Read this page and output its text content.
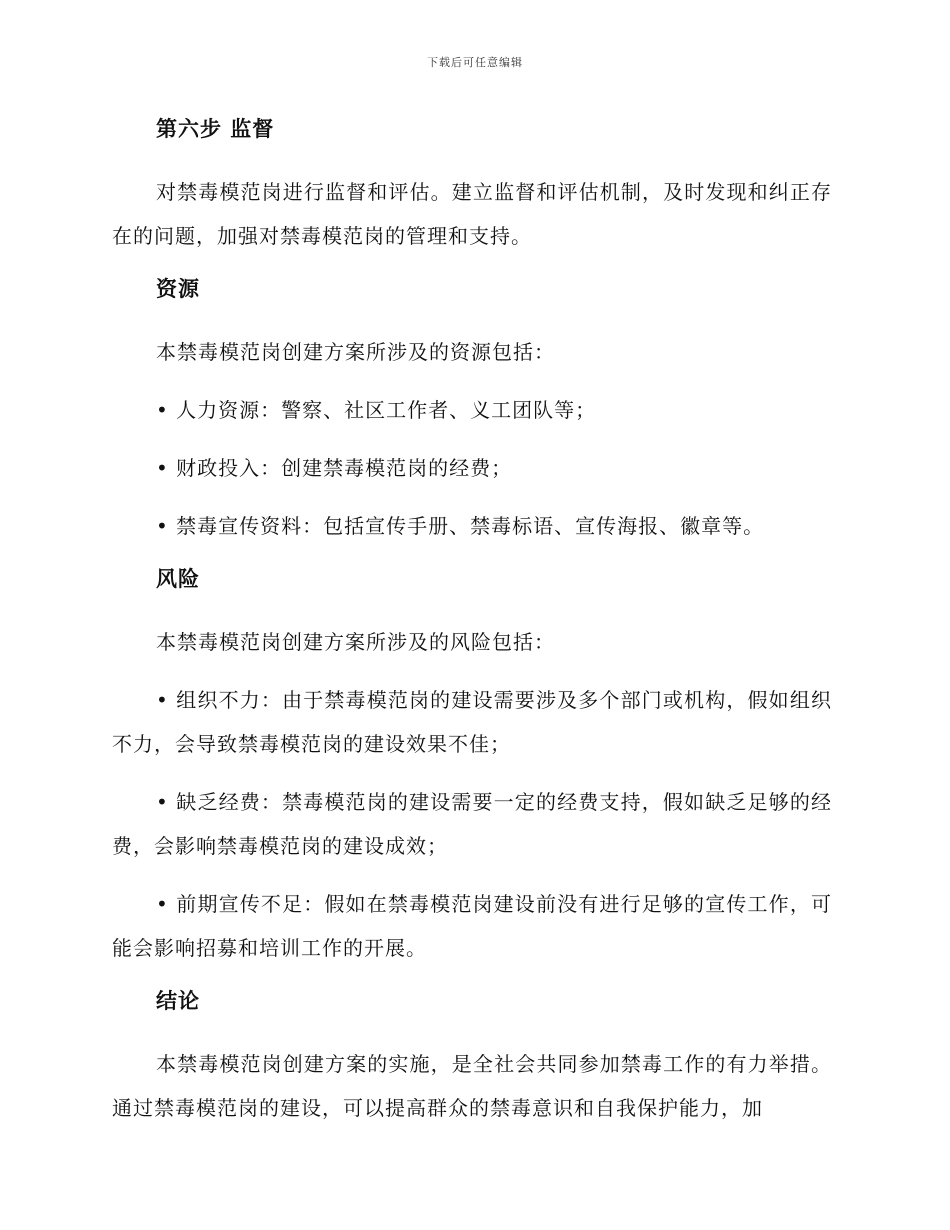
下载后可任意编辑
第六步 监督

对禁毒模范岗进行监督和评估。建立监督和评估机制，及时发现和纠正存在的问题，加强对禁毒模范岗的管理和支持。

资源

本禁毒模范岗创建方案所涉及的资源包括：

• 人力资源：警察、社区工作者、义工团队等；

• 财政投入：创建禁毒模范岗的经费；

• 禁毒宣传资料：包括宣传手册、禁毒标语、宣传海报、徽章等。

风险

本禁毒模范岗创建方案所涉及的风险包括：

• 组织不力：由于禁毒模范岗的建设需要涉及多个部门或机构，假如组织不力，会导致禁毒模范岗的建设效果不佳；

• 缺乏经费：禁毒模范岗的建设需要一定的经费支持，假如缺乏足够的经费，会影响禁毒模范岗的建设成效；

• 前期宣传不足：假如在禁毒模范岗建设前没有进行足够的宣传工作，可能会影响招募和培训工作的开展。

结论

本禁毒模范岗创建方案的实施，是全社会共同参加禁毒工作的有力举措。通过禁毒模范岗的建设，可以提高群众的禁毒意识和自我保护能力，加
